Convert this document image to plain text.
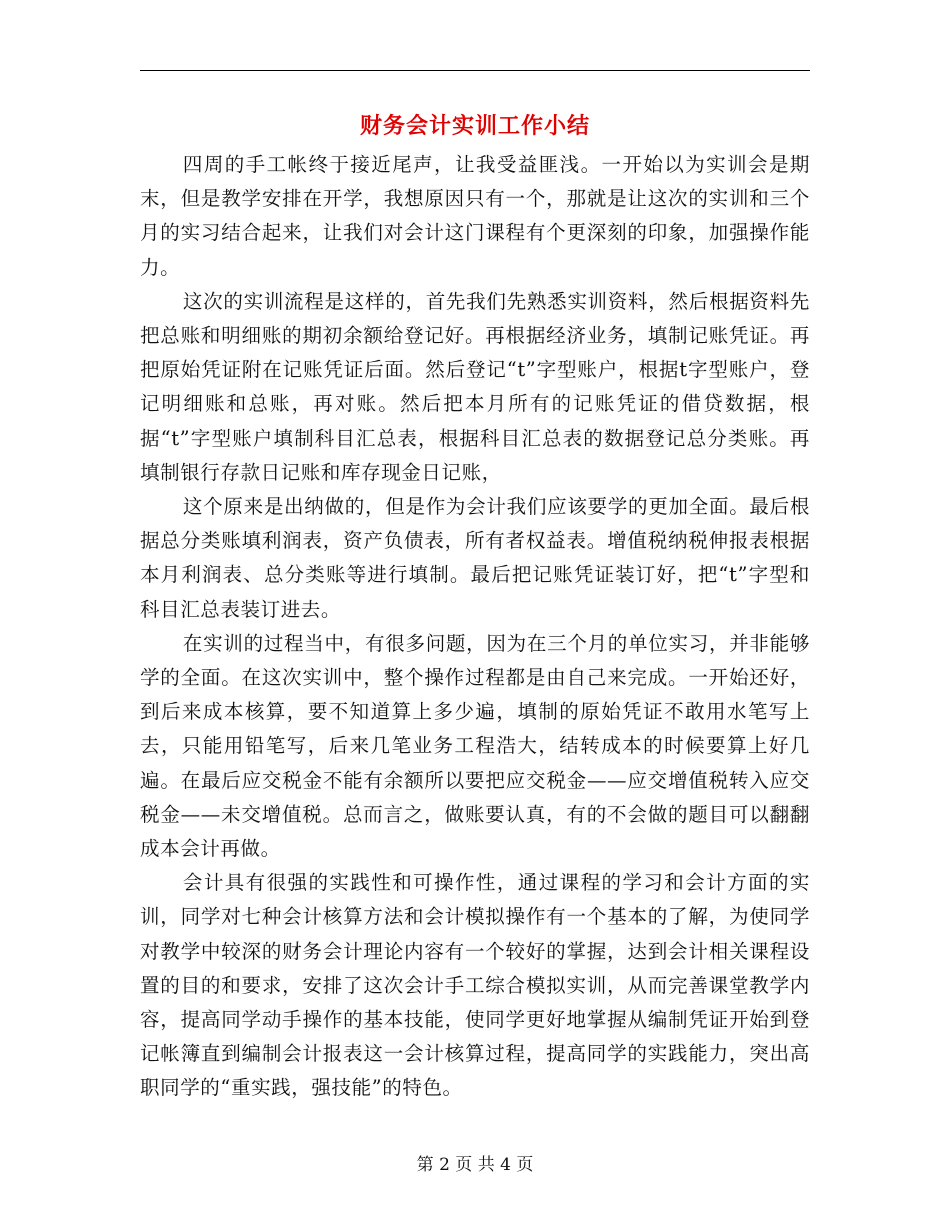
财务会计实训工作小结

四周的手工帐终于接近尾声，让我受益匪浅。一开始以为实训会是期末，但是教学安排在开学，我想原因只有一个，那就是让这次的实训和三个月的实习结合起来，让我们对会计这门课程有个更深刻的印象，加强操作能力。

这次的实训流程是这样的，首先我们先熟悉实训资料，然后根据资料先把总账和明细账的期初余额给登记好。再根据经济业务，填制记账凭证。再把原始凭证附在记账凭证后面。然后登记“t”字型账户，根据t字型账户，登记明细账和总账，再对账。然后把本月所有的记账凭证的借贷数据，根据“t”字型账户填制科目汇总表，根据科目汇总表的数据登记总分类账。再填制银行存款日记账和库存现金日记账，

这个原来是出纳做的，但是作为会计我们应该要学的更加全面。最后根据总分类账填利润表，资产负债表，所有者权益表。增值税纳税伸报表根据本月利润表、总分类账等进行填制。最后把记账凭证装订好，把“t”字型和科目汇总表装订进去。

在实训的过程当中，有很多问题，因为在三个月的单位实习，并非能够学的全面。在这次实训中，整个操作过程都是由自己来完成。一开始还好，到后来成本核算，要不知道算上多少遍，填制的原始凭证不敢用水笔写上去，只能用铅笔写，后来几笔业务工程浩大，结转成本的时候要算上好几遍。在最后应交税金不能有余额所以要把应交税金——应交增值税转入应交税金——未交增值税。总而言之，做账要认真，有的不会做的题目可以翻翻成本会计再做。

会计具有很强的实践性和可操作性，通过课程的学习和会计方面的实训，同学对七种会计核算方法和会计模拟操作有一个基本的了解，为使同学对教学中较深的财务会计理论内容有一个较好的掌握，达到会计相关课程设置的目的和要求，安排了这次会计手工综合模拟实训，从而完善课堂教学内容，提高同学动手操作的基本技能，使同学更好地掌握从编制凭证开始到登记帐簿直到编制会计报表这一会计核算过程，提高同学的实践能力，突出高职同学的“重实践，强技能”的特色。

第 2 页 共 4 页
